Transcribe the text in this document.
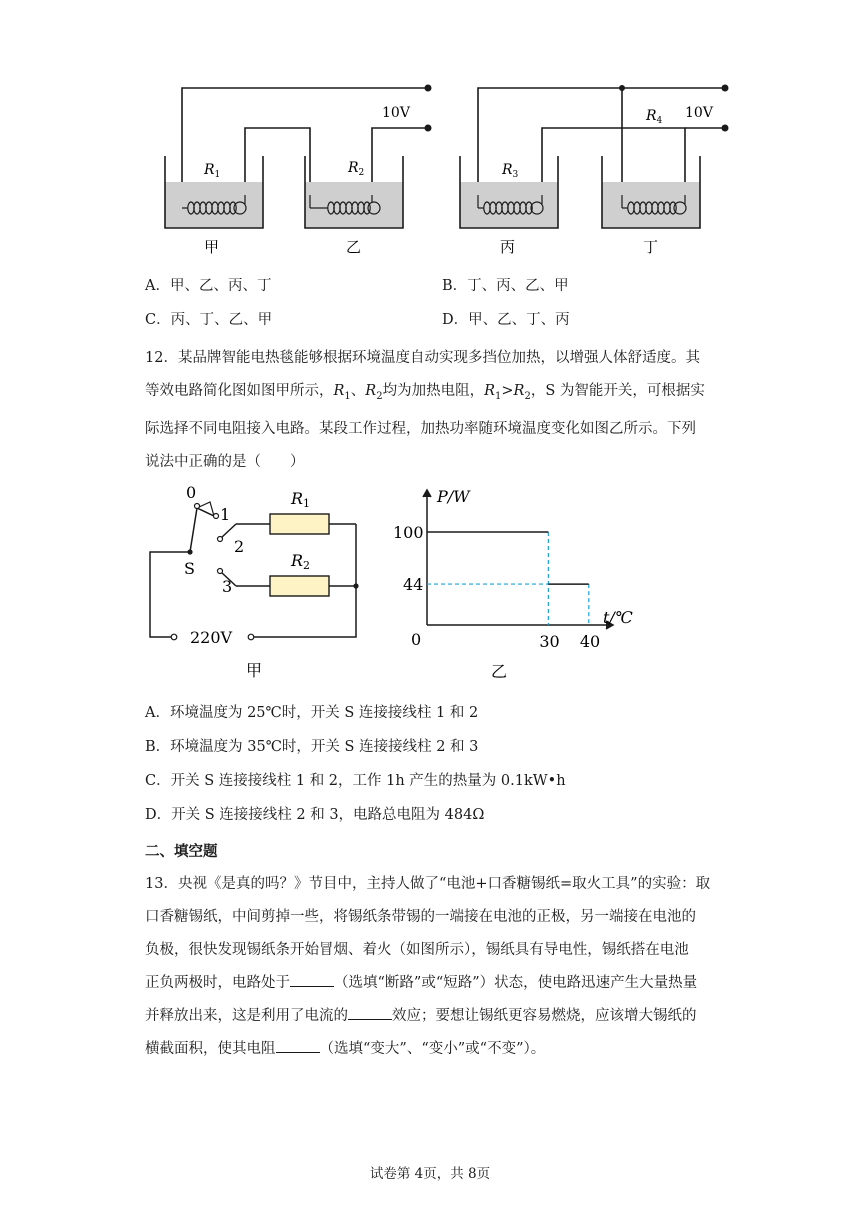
10V	10V
$R_1$	$R_2$	$R_3$
$R_4$
甲	乙	丙	丁
A．甲、乙、丙、丁	B．丁、丙、乙、甲
C．丙、丁、乙、甲	D．甲、乙、丁、丙
12．某品牌智能电热毯能够根据环境温度自动实现多挡位加热，以增强人体舒适度。其
等效电路简化图如图甲所示，$R_1$、$R_2$均为加热电阻，$R_1>R_2$，S 为智能开关，可根据实
际选择不同电阻接入电路。某段工作过程，加热功率随环境温度变化如图乙所示。下列
说法中正确的是（　　）
0
1
2
3
S
R1
R2
220V
甲
P/W
100
44
0	30 40
t/℃
乙
A．环境温度为 25℃时，开关 S 连接接线柱 1 和 2
B．环境温度为 35℃时，开关 S 连接接线柱 2 和 3
C．开关 S 连接接线柱 1 和 2，工作 1h 产生的热量为 0.1kW•h
D．开关 S 连接接线柱 2 和 3，电路总电阻为 484Ω
二、填空题
13．央视《是真的吗？》节目中，主持人做了“电池+口香糖锡纸=取火工具”的实验：取
口香糖锡纸，中间剪掉一些，将锡纸条带锡的一端接在电池的正极，另一端接在电池的
负极，很快发现锡纸条开始冒烟、着火（如图所示），锡纸具有导电性，锡纸搭在电池
正负两极时，电路处于	（选填“断路”或“短路”）状态，使电路迅速产生大量热量
并释放出来，这是利用了电流的	效应；要想让锡纸更容易燃烧，应该增大锡纸的
横截面积，使其电阻	（选填“变大”、“变小”或“不变”）。
试卷第 4页，共 8页
